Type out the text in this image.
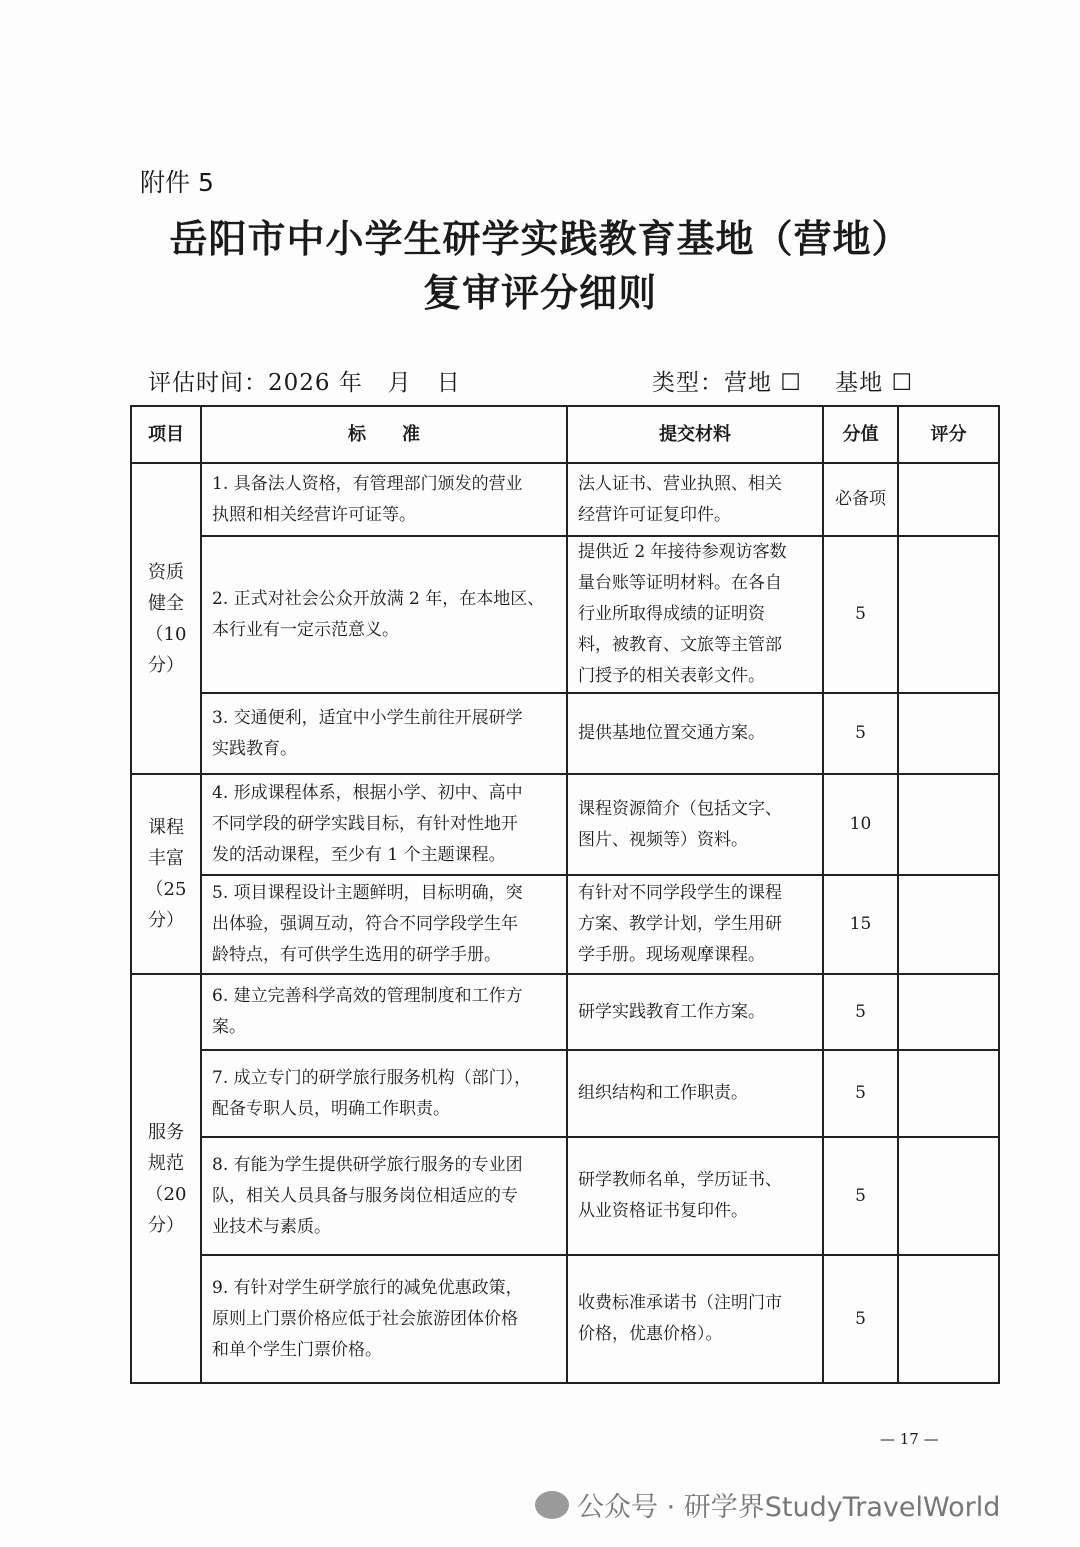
附件 5
岳阳市中小学生研学实践教育基地（营地）
复审评分细则
评估时间：2026 年   月   日	类型：营地 ☐    基地 ☐
项目	标　　准	提交材料	分值	评分
资质
健全
（10
分）	1. 具备法人资格，有管理部门颁发的营业
执照和相关经营许可证等。	法人证书、营业执照、相关
经营许可证复印件。	必备项	
	2. 正式对社会公众开放满 2 年，在本地区、
本行业有一定示范意义。	提供近 2 年接待参观访客数
量台账等证明材料。在各自
行业所取得成绩的证明资
料，被教育、文旅等主管部
门授予的相关表彰文件。	5	
	3. 交通便利，适宜中小学生前往开展研学
实践教育。	提供基地位置交通方案。	5	
课程
丰富
（25
分）	4. 形成课程体系，根据小学、初中、高中
不同学段的研学实践目标，有针对性地开
发的活动课程，至少有 1 个主题课程。	课程资源简介（包括文字、
图片、视频等）资料。	10	
	5. 项目课程设计主题鲜明，目标明确，突
出体验，强调互动，符合不同学段学生年
龄特点，有可供学生选用的研学手册。	有针对不同学段学生的课程
方案、教学计划，学生用研
学手册。现场观摩课程。	15	
服务
规范
（20
分）	6. 建立完善科学高效的管理制度和工作方
案。	研学实践教育工作方案。	5	
	7. 成立专门的研学旅行服务机构（部门），
配备专职人员，明确工作职责。	组织结构和工作职责。	5	
	8. 有能为学生提供研学旅行服务的专业团
队，相关人员具备与服务岗位相适应的专
业技术与素质。	研学教师名单，学历证书、
从业资格证书复印件。	5	
	9. 有针对学生研学旅行的减免优惠政策，
原则上门票价格应低于社会旅游团体价格
和单个学生门票价格。	收费标准承诺书（注明门市
价格，优惠价格）。	5	
— 17 —
公众号 · 研学界StudyTravelWorld
